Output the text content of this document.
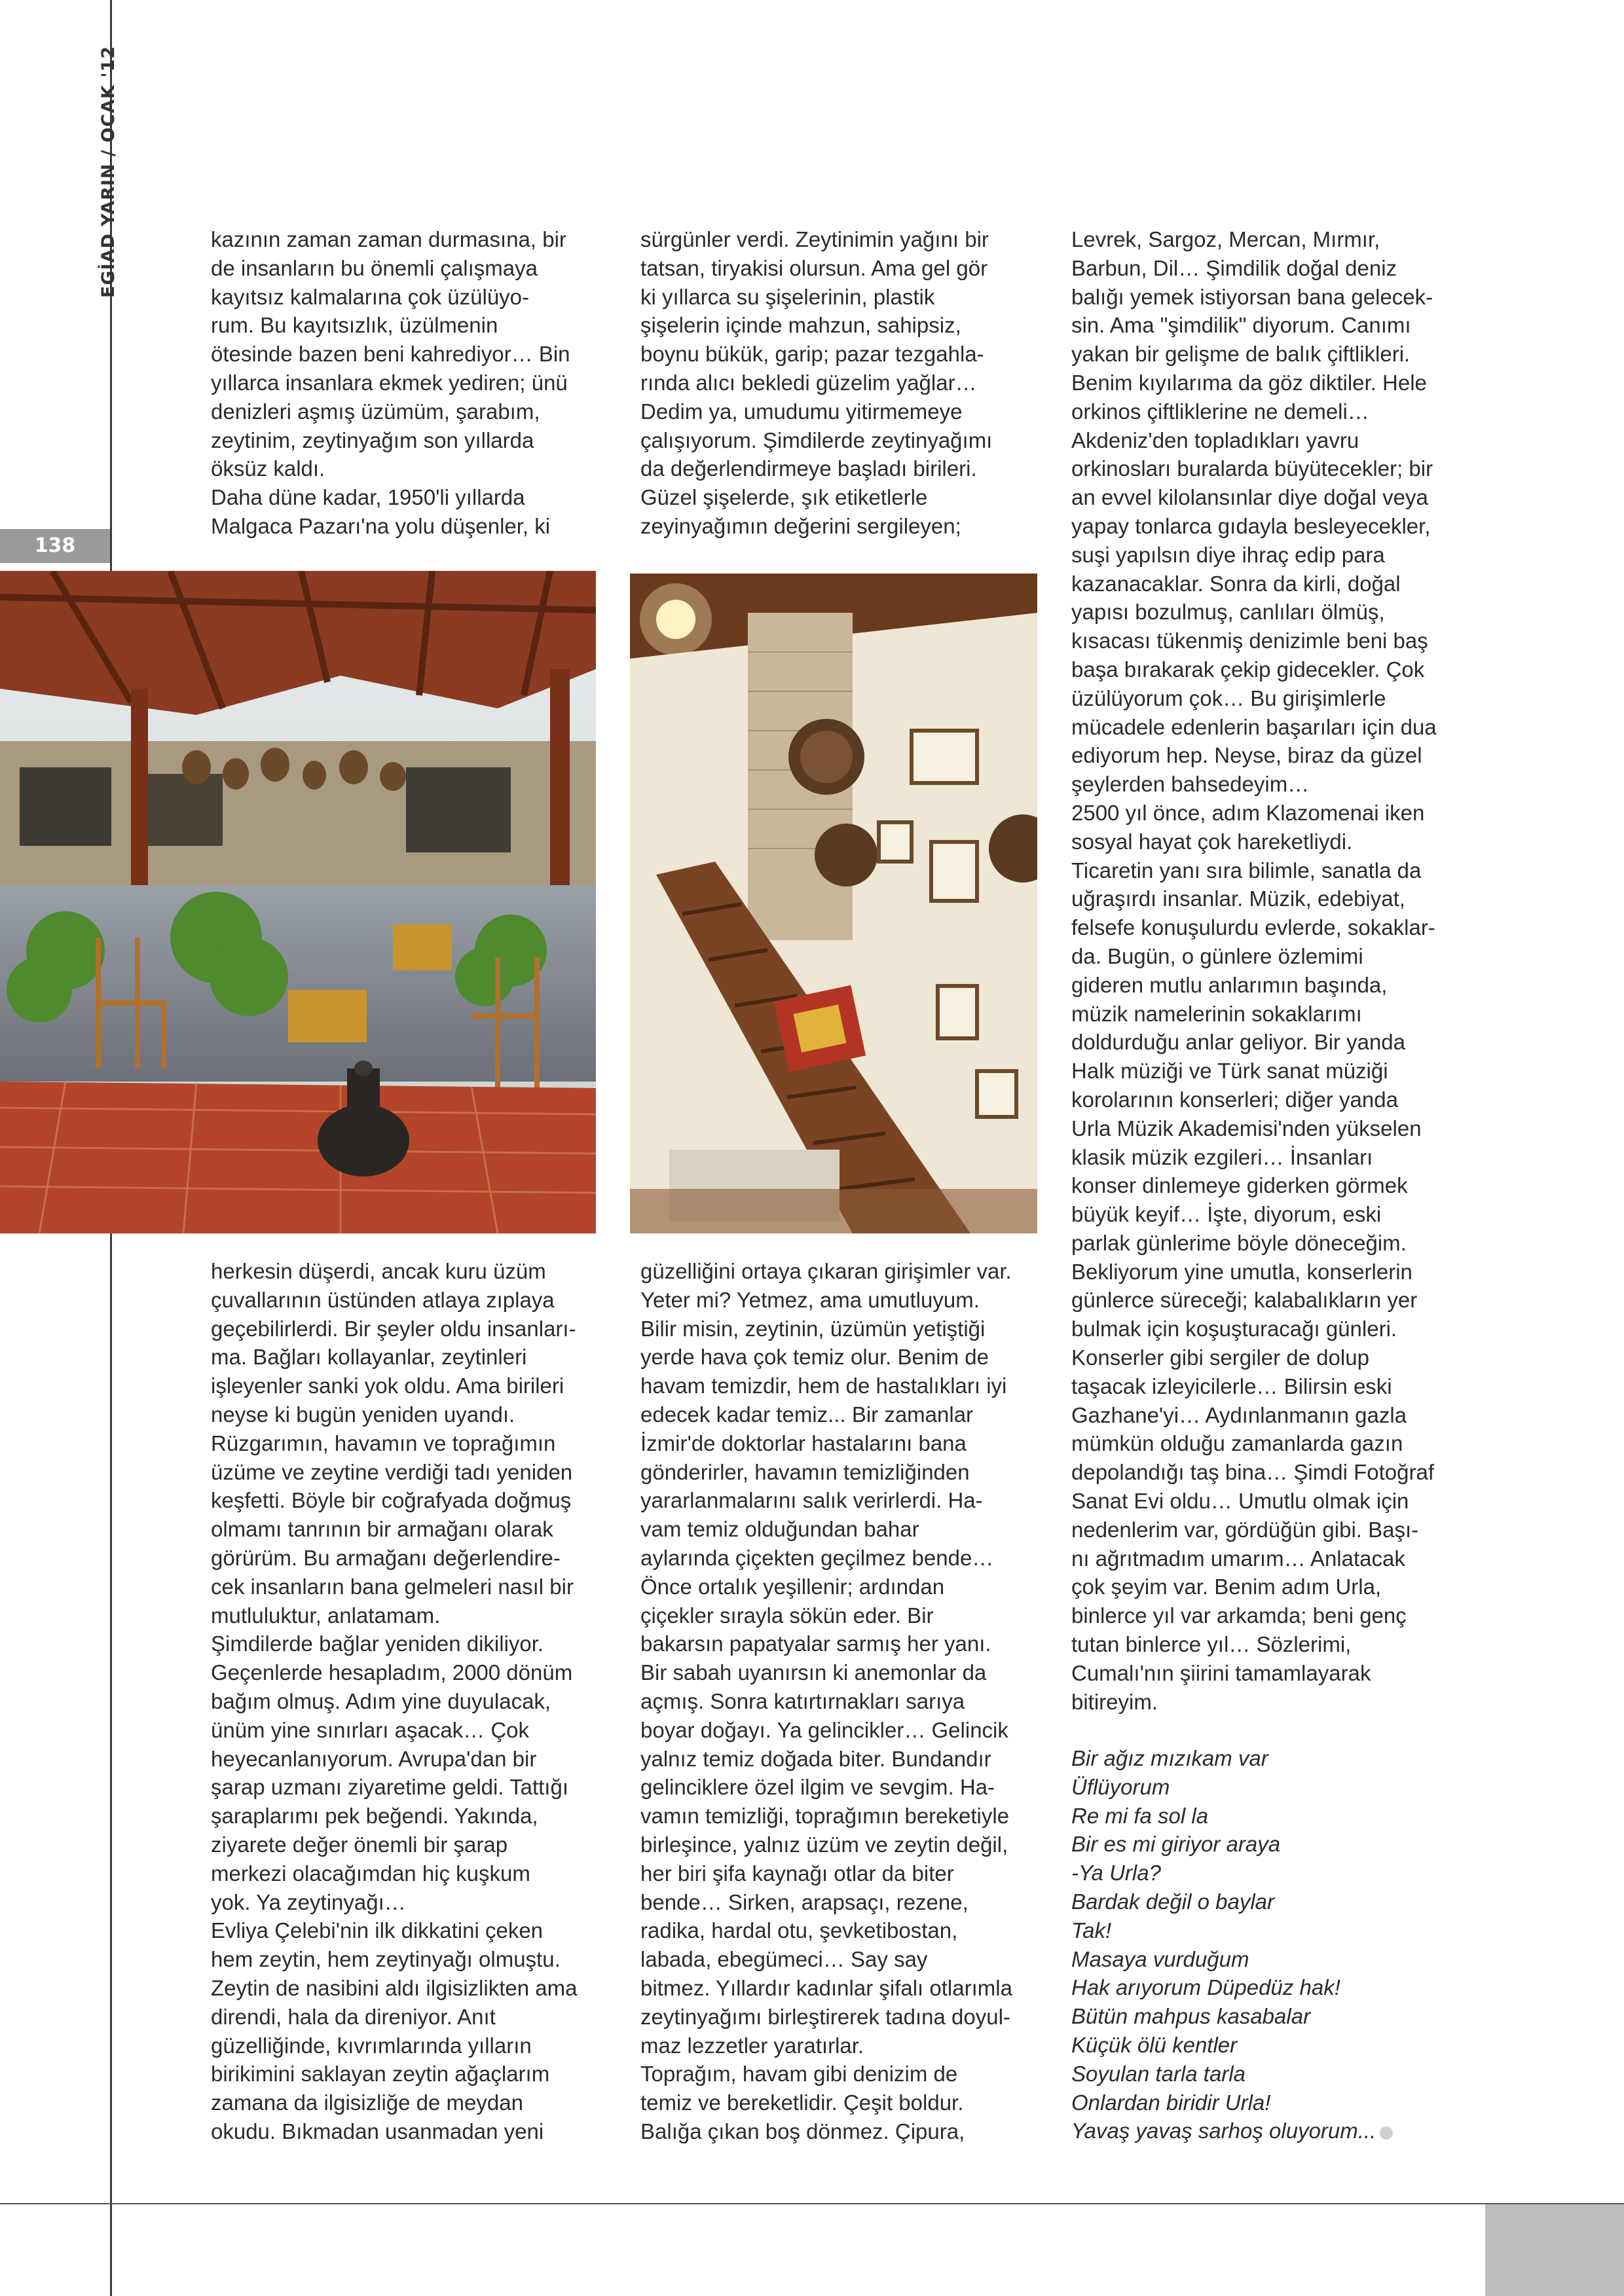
EGİAD YARIN / OCAK '12
138

kazının zaman zaman durmasına, bir

de insanların bu önemli çalışmaya

kayıtsız kalmalarına çok üzülüyo-

rum. Bu kayıtsızlık, üzülmenin

ötesinde bazen beni kahrediyor… Bin

yıllarca insanlara ekmek yediren; ünü

denizleri aşmış üzümüm, şarabım,

zeytinim, zeytinyağım son yıllarda

öksüz kaldı.

Daha düne kadar, 1950'li yıllarda

Malgaca Pazarı'na yolu düşenler, ki

herkesin düşerdi, ancak kuru üzüm

çuvallarının üstünden atlaya zıplaya

geçebilirlerdi. Bir şeyler oldu insanları-

ma. Bağları kollayanlar, zeytinleri

işleyenler sanki yok oldu. Ama birileri

neyse ki bugün yeniden uyandı.

Rüzgarımın, havamın ve toprağımın

üzüme ve zeytine verdiği tadı yeniden

keşfetti. Böyle bir coğrafyada doğmuş

olmamı tanrının bir armağanı olarak

görürüm. Bu armağanı değerlendire-

cek insanların bana gelmeleri nasıl bir

mutluluktur, anlatamam.

Şimdilerde bağlar yeniden dikiliyor.

Geçenlerde hesapladım, 2000 dönüm

bağım olmuş. Adım yine duyulacak,

ünüm yine sınırları aşacak… Çok

heyecanlanıyorum. Avrupa'dan bir

şarap uzmanı ziyaretime geldi. Tattığı

şaraplarımı pek beğendi. Yakında,

ziyarete değer önemli bir şarap

merkezi olacağımdan hiç kuşkum

yok. Ya zeytinyağı…

Evliya Çelebi'nin ilk dikkatini çeken

hem zeytin, hem zeytinyağı olmuştu.

Zeytin de nasibini aldı ilgisizlikten ama

direndi, hala da direniyor. Anıt

güzelliğinde, kıvrımlarında yılların

birikimini saklayan zeytin ağaçlarım

zamana da ilgisizliğe de meydan

okudu. Bıkmadan usanmadan yeni

sürgünler verdi. Zeytinimin yağını bir

tatsan, tiryakisi olursun. Ama gel gör

ki yıllarca su şişelerinin, plastik

şişelerin içinde mahzun, sahipsiz,

boynu bükük, garip; pazar tezgahla-

rında alıcı bekledi güzelim yağlar…

Dedim ya, umudumu yitirmemeye

çalışıyorum. Şimdilerde zeytinyağımı

da değerlendirmeye başladı birileri.

Güzel şişelerde, şık etiketlerle

zeyinyağımın değerini sergileyen;

güzelliğini ortaya çıkaran girişimler var.

Yeter mi? Yetmez, ama umutluyum.

Bilir misin, zeytinin, üzümün yetiştiği

yerde hava çok temiz olur. Benim de

havam temizdir, hem de hastalıkları iyi

edecek kadar temiz... Bir zamanlar

İzmir'de doktorlar hastalarını bana

gönderirler, havamın temizliğinden

yararlanmalarını salık verirlerdi. Ha-

vam temiz olduğundan bahar

aylarında çiçekten geçilmez bende…

Önce ortalık yeşillenir; ardından

çiçekler sırayla sökün eder. Bir

bakarsın papatyalar sarmış her yanı.

Bir sabah uyanırsın ki anemonlar da

açmış. Sonra katırtırnakları sarıya

boyar doğayı. Ya gelincikler… Gelincik

yalnız temiz doğada biter. Bundandır

gelinciklere özel ilgim ve sevgim. Ha-

vamın temizliği, toprağımın bereketiyle

birleşince, yalnız üzüm ve zeytin değil,

her biri şifa kaynağı otlar da biter

bende… Sirken, arapsaçı, rezene,

radika, hardal otu, şevketibostan,

labada, ebegümeci… Say say

bitmez. Yıllardır kadınlar şifalı otlarımla

zeytinyağımı birleştirerek tadına doyul-

maz lezzetler yaratırlar.

Toprağım, havam gibi denizim de

temiz ve bereketlidir. Çeşit boldur.

Balığa çıkan boş dönmez. Çipura,

Levrek, Sargoz, Mercan, Mırmır,

Barbun, Dil… Şimdilik doğal deniz

balığı yemek istiyorsan bana gelecek-

sin. Ama "şimdilik" diyorum. Canımı

yakan bir gelişme de balık çiftlikleri.

Benim kıyılarıma da göz diktiler. Hele

orkinos çiftliklerine ne demeli…

Akdeniz'den topladıkları yavru

orkinosları buralarda büyütecekler; bir

an evvel kilolansınlar diye doğal veya

yapay tonlarca gıdayla besleyecekler,

suşi yapılsın diye ihraç edip para

kazanacaklar. Sonra da kirli, doğal

yapısı bozulmuş, canlıları ölmüş,

kısacası tükenmiş denizimle beni baş

başa bırakarak çekip gidecekler. Çok

üzülüyorum çok… Bu girişimlerle

mücadele edenlerin başarıları için dua

ediyorum hep. Neyse, biraz da güzel

şeylerden bahsedeyim…

2500 yıl önce, adım Klazomenai iken

sosyal hayat çok hareketliydi.

Ticaretin yanı sıra bilimle, sanatla da

uğraşırdı insanlar. Müzik, edebiyat,

felsefe konuşulurdu evlerde, sokaklar-

da. Bugün, o günlere özlemimi

gideren mutlu anlarımın başında,

müzik namelerinin sokaklarımı

doldurduğu anlar geliyor. Bir yanda

Halk müziği ve Türk sanat müziği

korolarının konserleri; diğer yanda

Urla Müzik Akademisi'nden yükselen

klasik müzik ezgileri… İnsanları

konser dinlemeye giderken görmek

büyük keyif… İşte, diyorum, eski

parlak günlerime böyle döneceğim.

Bekliyorum yine umutla, konserlerin

günlerce süreceği; kalabalıkların yer

bulmak için koşuşturacağı günleri.

Konserler gibi sergiler de dolup

taşacak izleyicilerle… Bilirsin eski

Gazhane'yi… Aydınlanmanın gazla

mümkün olduğu zamanlarda gazın

depolandığı taş bina… Şimdi Fotoğraf

Sanat Evi oldu… Umutlu olmak için

nedenlerim var, gördüğün gibi. Başı-

nı ağrıtmadım umarım… Anlatacak

çok şeyim var. Benim adım Urla,

binlerce yıl var arkamda; beni genç

tutan binlerce yıl… Sözlerimi,

Cumalı'nın şiirini tamamlayarak

bitireyim.

Bir ağız mızıkam var

Üflüyorum

Re mi fa sol la

Bir es mi giriyor araya

-Ya Urla?

Bardak değil o baylar

Tak!

Masaya vurduğum

Hak arıyorum Düpedüz hak!

Bütün mahpus kasabalar

Küçük ölü kentler

Soyulan tarla tarla

Onlardan biridir Urla!

Yavaş yavaş sarhoş oluyorum...
